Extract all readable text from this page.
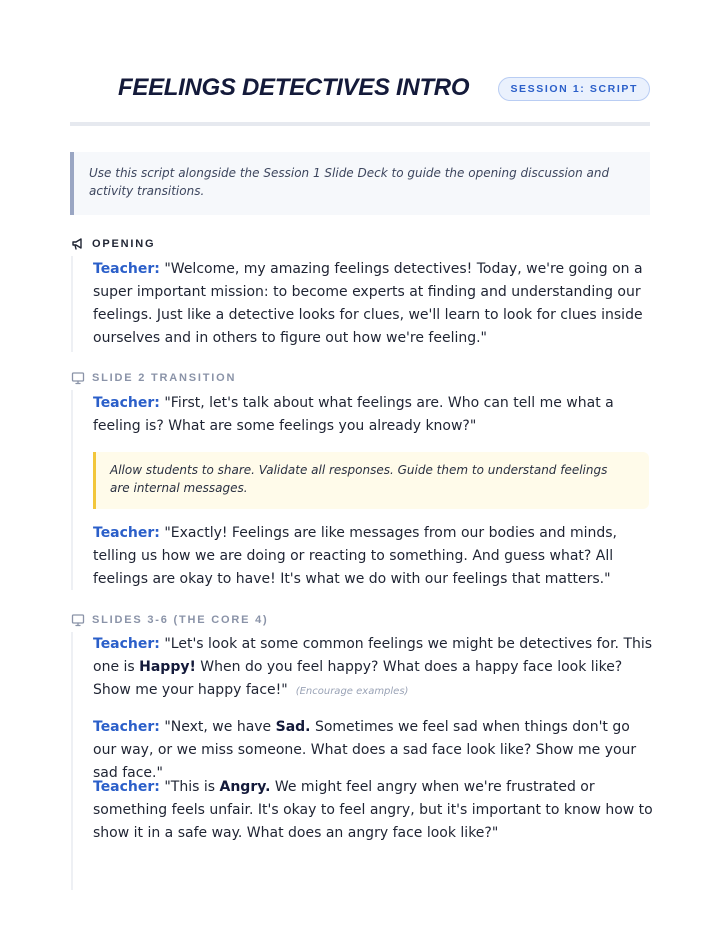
FEELINGS DETECTIVES INTRO	SESSION 1: SCRIPT
Use this script alongside the Session 1 Slide Deck to guide the opening discussion and activity transitions.
OPENING

Teacher: "Welcome, my amazing feelings detectives! Today, we're going on a super important mission: to become experts at finding and understanding our feelings. Just like a detective looks for clues, we'll learn to look for clues inside ourselves and in others to figure out how we're feeling."

SLIDE 2 TRANSITION

Teacher: "First, let's talk about what feelings are. Who can tell me what a feeling is? What are some feelings you already know?"

Allow students to share. Validate all responses. Guide them to understand feelings are internal messages.

Teacher: "Exactly! Feelings are like messages from our bodies and minds, telling us how we are doing or reacting to something. And guess what? All feelings are okay to have! It's what we do with our feelings that matters."

SLIDES 3-6 (THE CORE 4)

Teacher: "Let's look at some common feelings we might be detectives for. This one is Happy! When do you feel happy? What does a happy face look like? Show me your happy face!" (Encourage examples)

Teacher: "Next, we have Sad. Sometimes we feel sad when things don't go our way, or we miss someone. What does a sad face look like? Show me your sad face."

Teacher: "This is Angry. We might feel angry when we're frustrated or something feels unfair. It's okay to feel angry, but it's important to know how to show it in a safe way. What does an angry face look like?"
